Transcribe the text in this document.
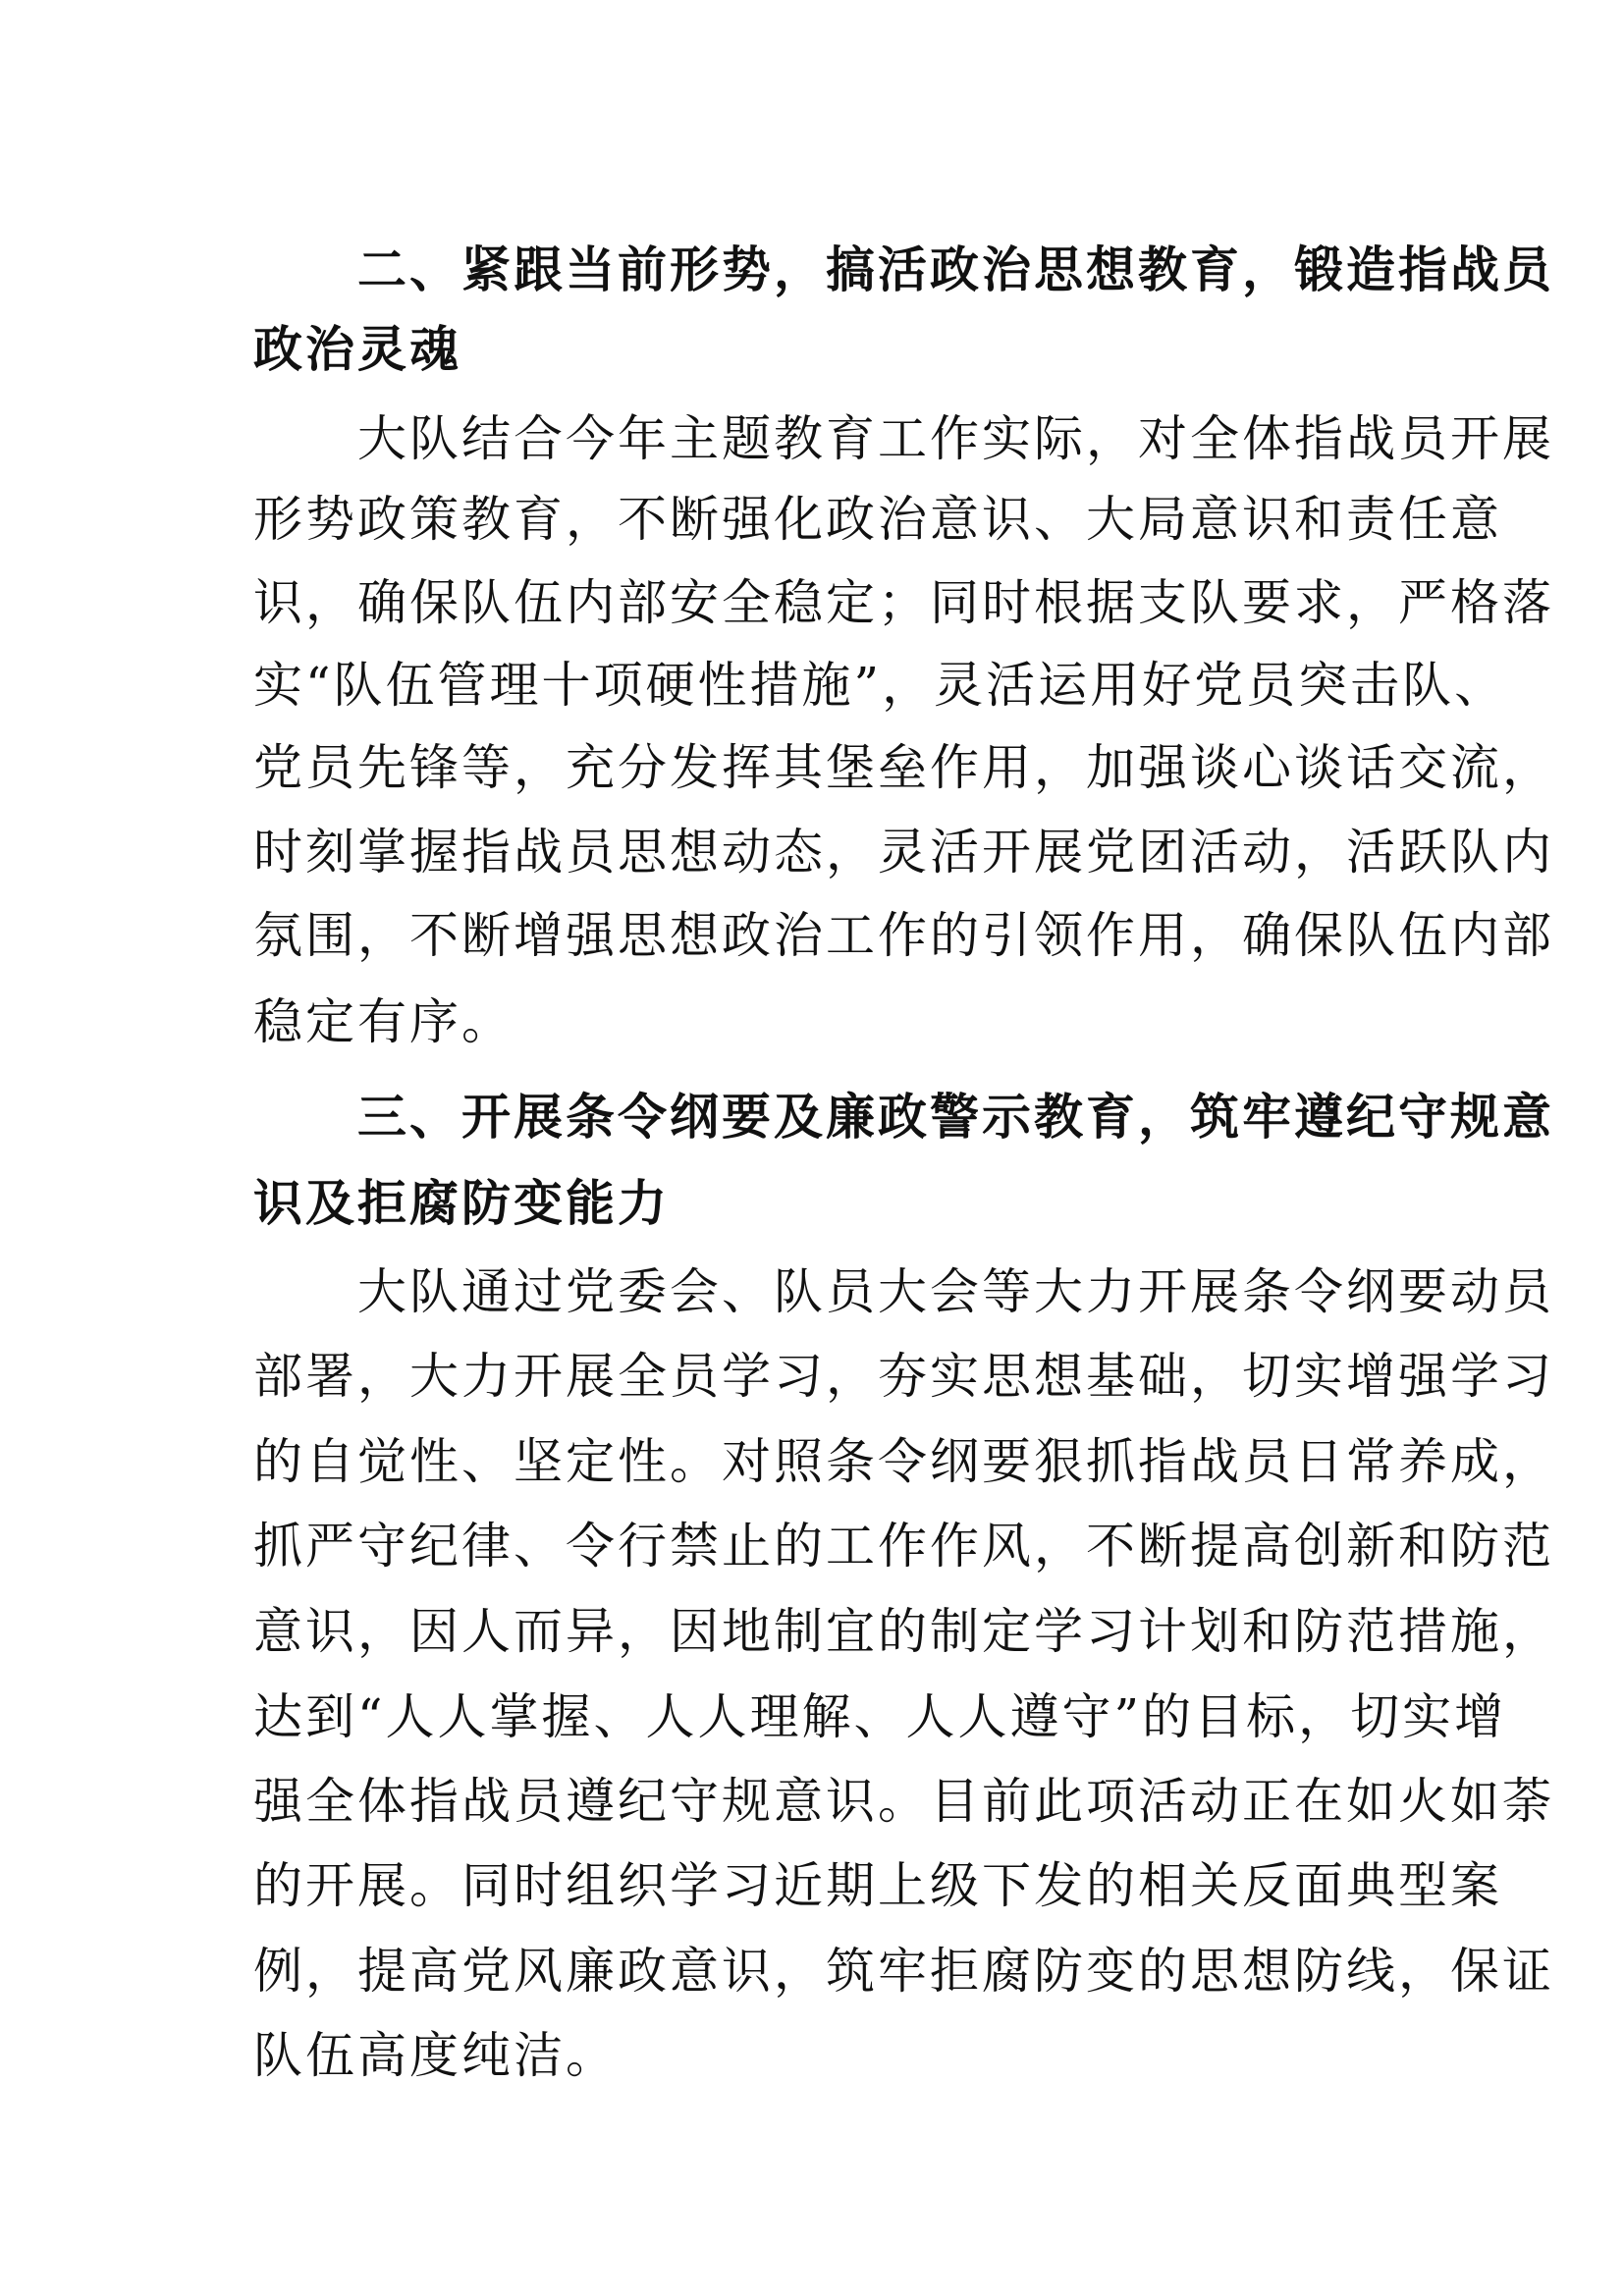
二、紧跟当前形势，搞活政治思想教育，锻造指战员
政治灵魂
大队结合今年主题教育工作实际，对全体指战员开展
形势政策教育，不断强化政治意识、大局意识和责任意
识，确保队伍内部安全稳定；同时根据支队要求，严格落
实“队伍管理十项硬性措施”，灵活运用好党员突击队、
党员先锋等，充分发挥其堡垒作用，加强谈心谈话交流，
时刻掌握指战员思想动态，灵活开展党团活动，活跃队内
氛围，不断增强思想政治工作的引领作用，确保队伍内部
稳定有序。
三、开展条令纲要及廉政警示教育，筑牢遵纪守规意
识及拒腐防变能力
大队通过党委会、队员大会等大力开展条令纲要动员
部署，大力开展全员学习，夯实思想基础，切实增强学习
的自觉性、坚定性。对照条令纲要狠抓指战员日常养成，
抓严守纪律、令行禁止的工作作风，不断提高创新和防范
意识，因人而异，因地制宜的制定学习计划和防范措施，
达到“人人掌握、人人理解、人人遵守”的目标，切实增
强全体指战员遵纪守规意识。目前此项活动正在如火如荼
的开展。同时组织学习近期上级下发的相关反面典型案
例，提高党风廉政意识，筑牢拒腐防变的思想防线，保证
队伍高度纯洁。
